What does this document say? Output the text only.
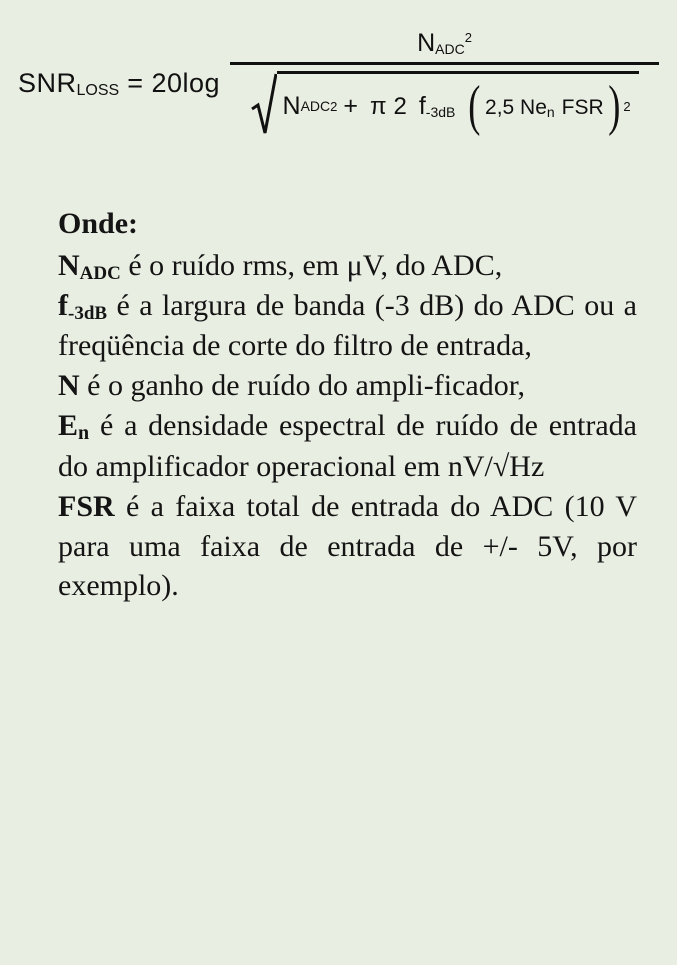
SNRLOSS = 20log
NADC$^2$
N ADC 2 + π 2 f-3dB ( 2,5 Nen FSR ) 2
Onde:

NADC é o ruído rms, em μV, do ADC,

f-3dB é a largura de banda (-3 dB) do ADC ou a freqüência de corte do filtro de entrada,

N é o ganho de ruído do ampli-ficador,

En é a densidade espectral de ruído de entrada do amplificador operacional em nV/√Hz

FSR é a faixa total de entrada do ADC (10 V para uma faixa de entrada de +/- 5V, por exemplo).
